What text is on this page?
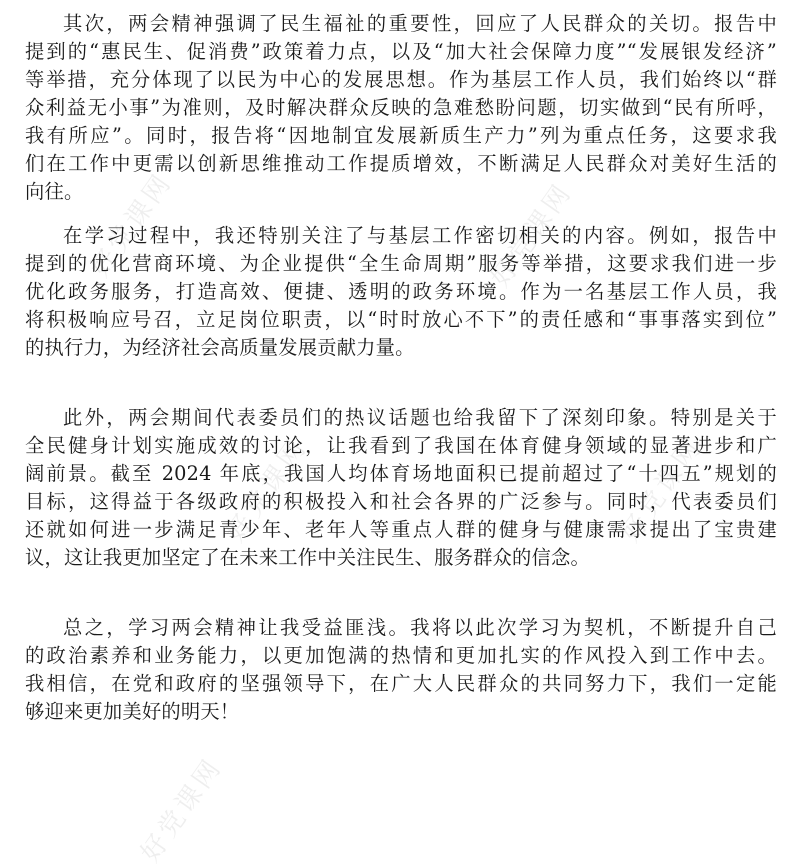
好党课网	好党课网
好党课网	好党课网
好党课网
其次，两会精神强调了民生福祉的重要性，回应了人民群众的关切。报告中
提到的“惠民生、促消费”政策着力点，以及“加大社会保障力度”“发展银发经济”
等举措，充分体现了以民为中心的发展思想。作为基层工作人员，我们始终以“群
众利益无小事”为准则，及时解决群众反映的急难愁盼问题，切实做到“民有所呼，
我有所应”。同时，报告将“因地制宜发展新质生产力”列为重点任务，这要求我
们在工作中更需以创新思维推动工作提质增效，不断满足人民群众对美好生活的
向往。
在学习过程中，我还特别关注了与基层工作密切相关的内容。例如，报告中
提到的优化营商环境、为企业提供“全生命周期”服务等举措，这要求我们进一步
优化政务服务，打造高效、便捷、透明的政务环境。作为一名基层工作人员，我
将积极响应号召，立足岗位职责，以“时时放心不下”的责任感和“事事落实到位”
的执行力，为经济社会高质量发展贡献力量。
此外，两会期间代表委员们的热议话题也给我留下了深刻印象。特别是关于
全民健身计划实施成效的讨论，让我看到了我国在体育健身领域的显著进步和广
阔前景。截至 2024 年底，我国人均体育场地面积已提前超过了“十四五”规划的
目标，这得益于各级政府的积极投入和社会各界的广泛参与。同时，代表委员们
还就如何进一步满足青少年、老年人等重点人群的健身与健康需求提出了宝贵建
议，这让我更加坚定了在未来工作中关注民生、服务群众的信念。
总之，学习两会精神让我受益匪浅。我将以此次学习为契机，不断提升自己
的政治素养和业务能力，以更加饱满的热情和更加扎实的作风投入到工作中去。
我相信，在党和政府的坚强领导下，在广大人民群众的共同努力下，我们一定能
够迎来更加美好的明天！
